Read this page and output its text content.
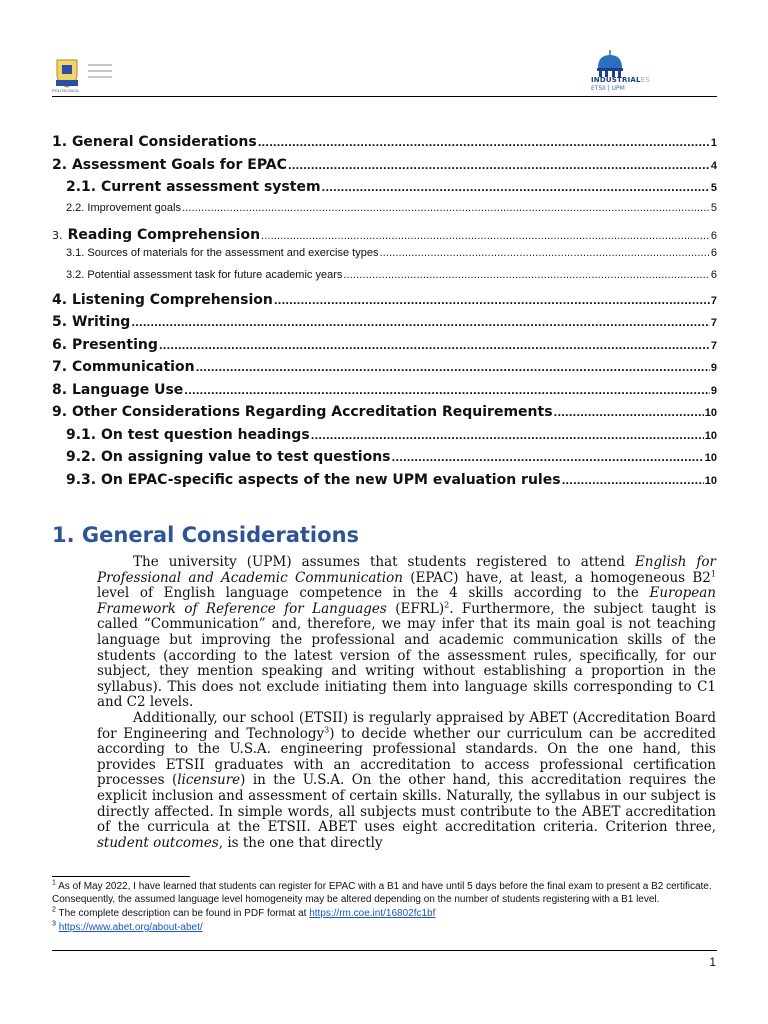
POLITECNICA
INDUSTRIALES
ETSII | UPM
1. General Considerations .....	1
2. Assessment Goals for EPAC .....	4
2.1. Current assessment system .....	5
2.2. Improvement goals .....	5
3. Reading Comprehension .....	6
3.1. Sources of materials for the assessment and exercise types .....	6
3.2. Potential assessment task for future academic years .....	6
4. Listening Comprehension .....	7
5. Writing .....	7
6. Presenting .....	7
7. Communication .....	9
8. Language Use .....	9
9. Other Considerations Regarding Accreditation Requirements .....	10
9.1. On test question headings .....	10
9.2. On assigning value to test questions .....	10
9.3. On EPAC-specific aspects of the new UPM evaluation rules .....	10
1. General Considerations

The university (UPM) assumes that students registered to attend English for Professional and Academic Communication (EPAC) have, at least, a homogeneous $B2^1$ level of English language competence in the 4 skills according to the European Framework of Reference for Languages (EFRL)$^2$. Furthermore, the subject taught is called “Communication” and, therefore, we may infer that its main goal is not teaching language but improving the professional and academic communication skills of the students (according to the latest version of the assessment rules, specifically, for our subject, they mention speaking and writing without establishing a proportion in the syllabus). This does not exclude initiating them into language skills corresponding to C1 and C2 levels.

Additionally, our school (ETSII) is regularly appraised by ABET (Accreditation Board for Engineering and Technology$^3$) to decide whether our curriculum can be accredited according to the U.S.A. engineering professional standards. On the one hand, this provides ETSII graduates with an accreditation to access professional certification processes (licensure) in the U.S.A. On the other hand, this accreditation requires the explicit inclusion and assessment of certain skills. Naturally, the syllabus in our subject is directly affected. In simple words, all subjects must contribute to the ABET accreditation of the curricula at the ETSII. ABET uses eight accreditation criteria. Criterion three, student outcomes, is the one that directly

$^1$ As of May 2022, I have learned that students can register for EPAC with a B1 and have until 5 days before the final exam to present a B2 certificate. Consequently, the assumed language level homogeneity may be altered depending on the number of students registering with a B1 level.
$^2$ The complete description can be found in PDF format at https://rm.coe.int/16802fc1bf
$^3$ https://www.abet.org/about-abet/
1
